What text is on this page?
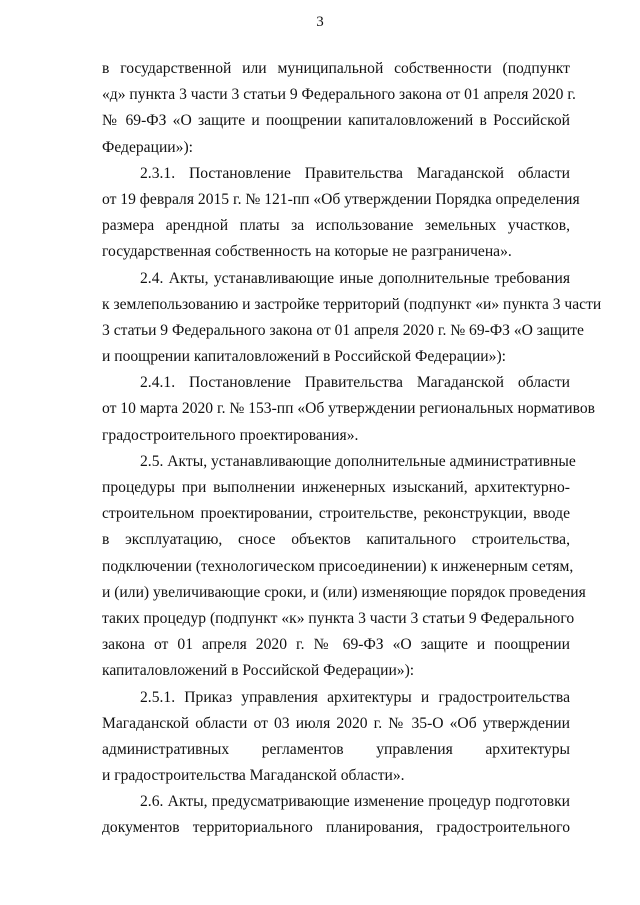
3
в государственной или муниципальной собственности (подпункт
«д» пункта 3 части 3 статьи 9 Федерального закона от 01 апреля 2020 г.
№ 69-ФЗ «О защите и поощрении капиталовложений в Российской
Федерации»):
2.3.1. Постановление Правительства Магаданской области
от 19 февраля 2015 г. № 121-пп «Об утверждении Порядка определения
размера арендной платы за использование земельных участков,
государственная собственность на которые не разграничена».
2.4. Акты, устанавливающие иные дополнительные требования
к землепользованию и застройке территорий (подпункт «и» пункта 3 части
3 статьи 9 Федерального закона от 01 апреля 2020 г. № 69-ФЗ «О защите
и поощрении капиталовложений в Российской Федерации»):
2.4.1. Постановление Правительства Магаданской области
от 10 марта 2020 г. № 153-пп «Об утверждении региональных нормативов
градостроительного проектирования».
2.5. Акты, устанавливающие дополнительные административные
процедуры при выполнении инженерных изысканий, архитектурно-
строительном проектировании, строительстве, реконструкции, вводе
в эксплуатацию, сносе объектов капитального строительства,
подключении (технологическом присоединении) к инженерным сетям,
и (или) увеличивающие сроки, и (или) изменяющие порядок проведения
таких процедур (подпункт «к» пункта 3 части 3 статьи 9 Федерального
закона от 01 апреля 2020 г. № 69-ФЗ «О защите и поощрении
капиталовложений в Российской Федерации»):
2.5.1. Приказ управления архитектуры и градостроительства
Магаданской области от 03 июля 2020 г. № 35-О «Об утверждении
административных регламентов управления архитектуры
и градостроительства Магаданской области».
2.6. Акты, предусматривающие изменение процедур подготовки
документов территориального планирования, градостроительного
